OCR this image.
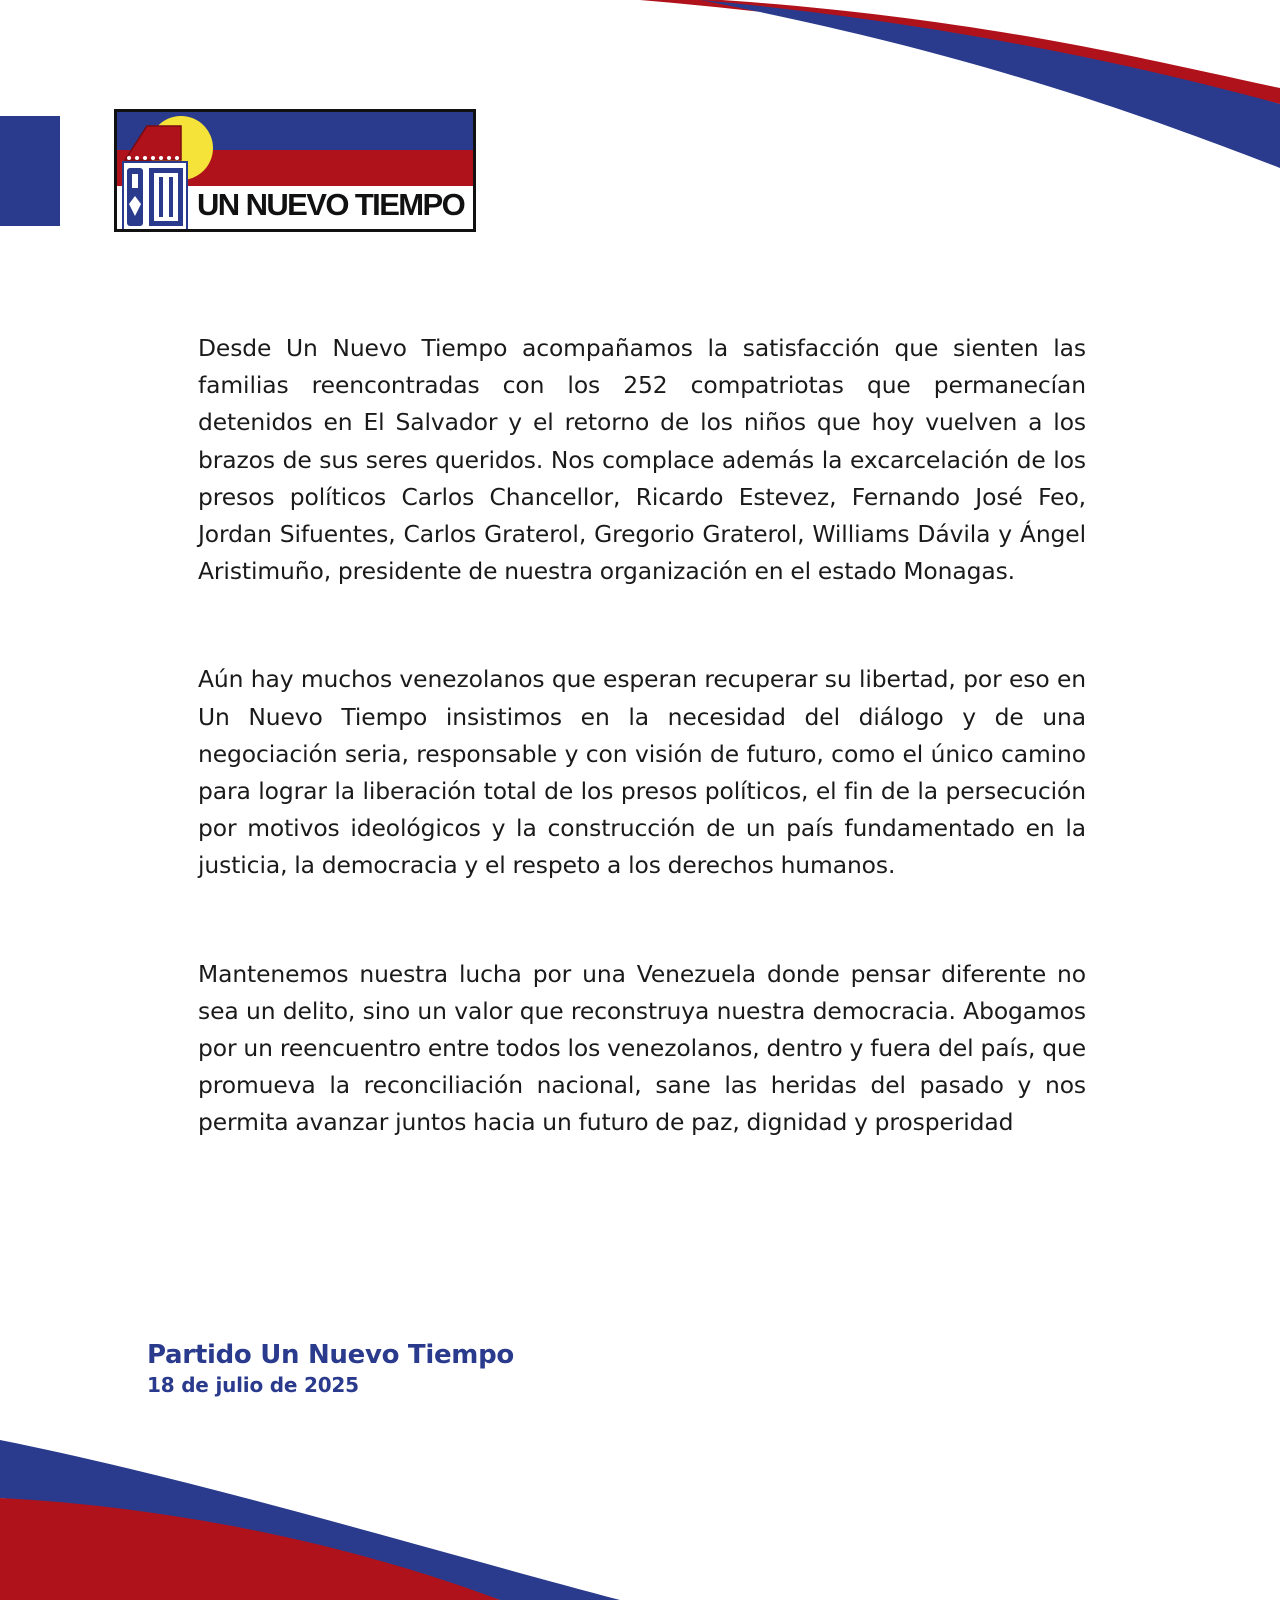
UN NUEVO TIEMPO

Desde Un Nuevo Tiempo acompañamos la satisfacción que sienten las familias reencontradas con los 252 compatriotas que permanecían detenidos en El Salvador y el retorno de los niños que hoy vuelven a los brazos de sus seres queridos. Nos complace además la excarcelación de los presos políticos Carlos Chancellor, Ricardo Estevez, Fernando José Feo, Jordan Sifuentes, Carlos Graterol, Gregorio Graterol, Williams Dávila y Ángel Aristimuño, presidente de nuestra organización en el estado Monagas.

Aún hay muchos venezolanos que esperan recuperar su libertad, por eso en Un Nuevo Tiempo insistimos en la necesidad del diálogo y de una negociación seria, responsable y con visión de futuro, como el único camino para lograr la liberación total de los presos políticos, el fin de la persecución por motivos ideológicos y la construcción de un país fundamentado en la justicia, la democracia y el respeto a los derechos humanos.

Mantenemos nuestra lucha por una Venezuela donde pensar diferente no sea un delito, sino un valor que reconstruya nuestra democracia. Abogamos por un reencuentro entre todos los venezolanos, dentro y fuera del país, que promueva la reconciliación nacional, sane las heridas del pasado y nos permita avanzar juntos hacia un futuro de paz, dignidad y prosperidad

Partido Un Nuevo Tiempo
18 de julio de 2025
